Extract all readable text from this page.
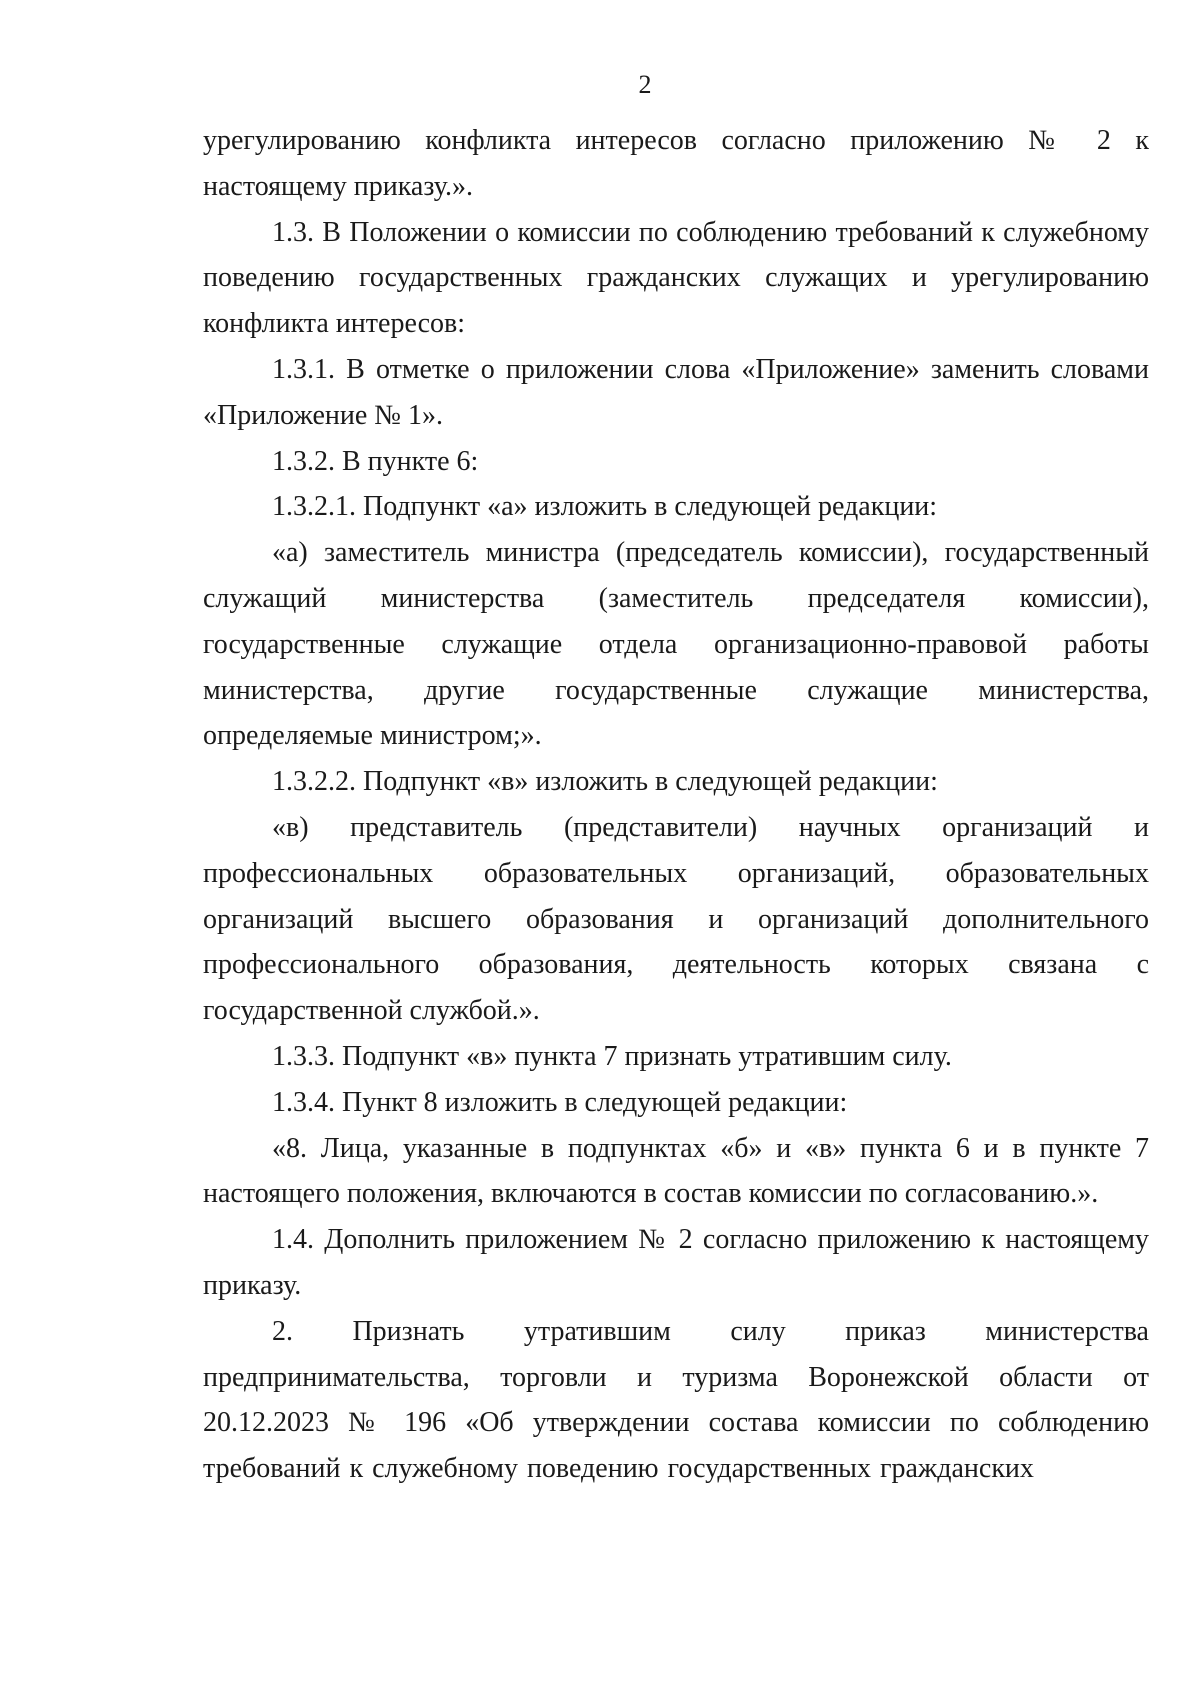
2

урегулированию конфликта интересов согласно приложению № 2 к настоящему приказу.».

1.3. В Положении о комиссии по соблюдению требований к служебному поведению государственных гражданских служащих и урегулированию конфликта интересов:

1.3.1. В отметке о приложении слова «Приложение» заменить словами «Приложение № 1».

1.3.2. В пункте 6:

1.3.2.1. Подпункт «а» изложить в следующей редакции:

«а) заместитель министра (председатель комиссии), государственный служащий министерства (заместитель председателя комиссии), государственные служащие отдела организационно-правовой работы министерства, другие государственные служащие министерства, определяемые министром;».

1.3.2.2. Подпункт «в» изложить в следующей редакции:

«в) представитель (представители) научных организаций и профессиональных образовательных организаций, образовательных организаций высшего образования и организаций дополнительного профессионального образования, деятельность которых связана с государственной службой.».

1.3.3. Подпункт «в» пункта 7 признать утратившим силу.

1.3.4. Пункт 8 изложить в следующей редакции:

«8. Лица, указанные в подпунктах «б» и «в» пункта 6 и в пункте 7 настоящего положения, включаются в состав комиссии по согласованию.».

1.4. Дополнить приложением № 2 согласно приложению к настоящему приказу.

2. Признать утратившим силу приказ министерства предпринимательства, торговли и туризма Воронежской области от 20.12.2023 № 196 «Об утверждении состава комиссии по соблюдению требований к служебному поведению государственных гражданских
